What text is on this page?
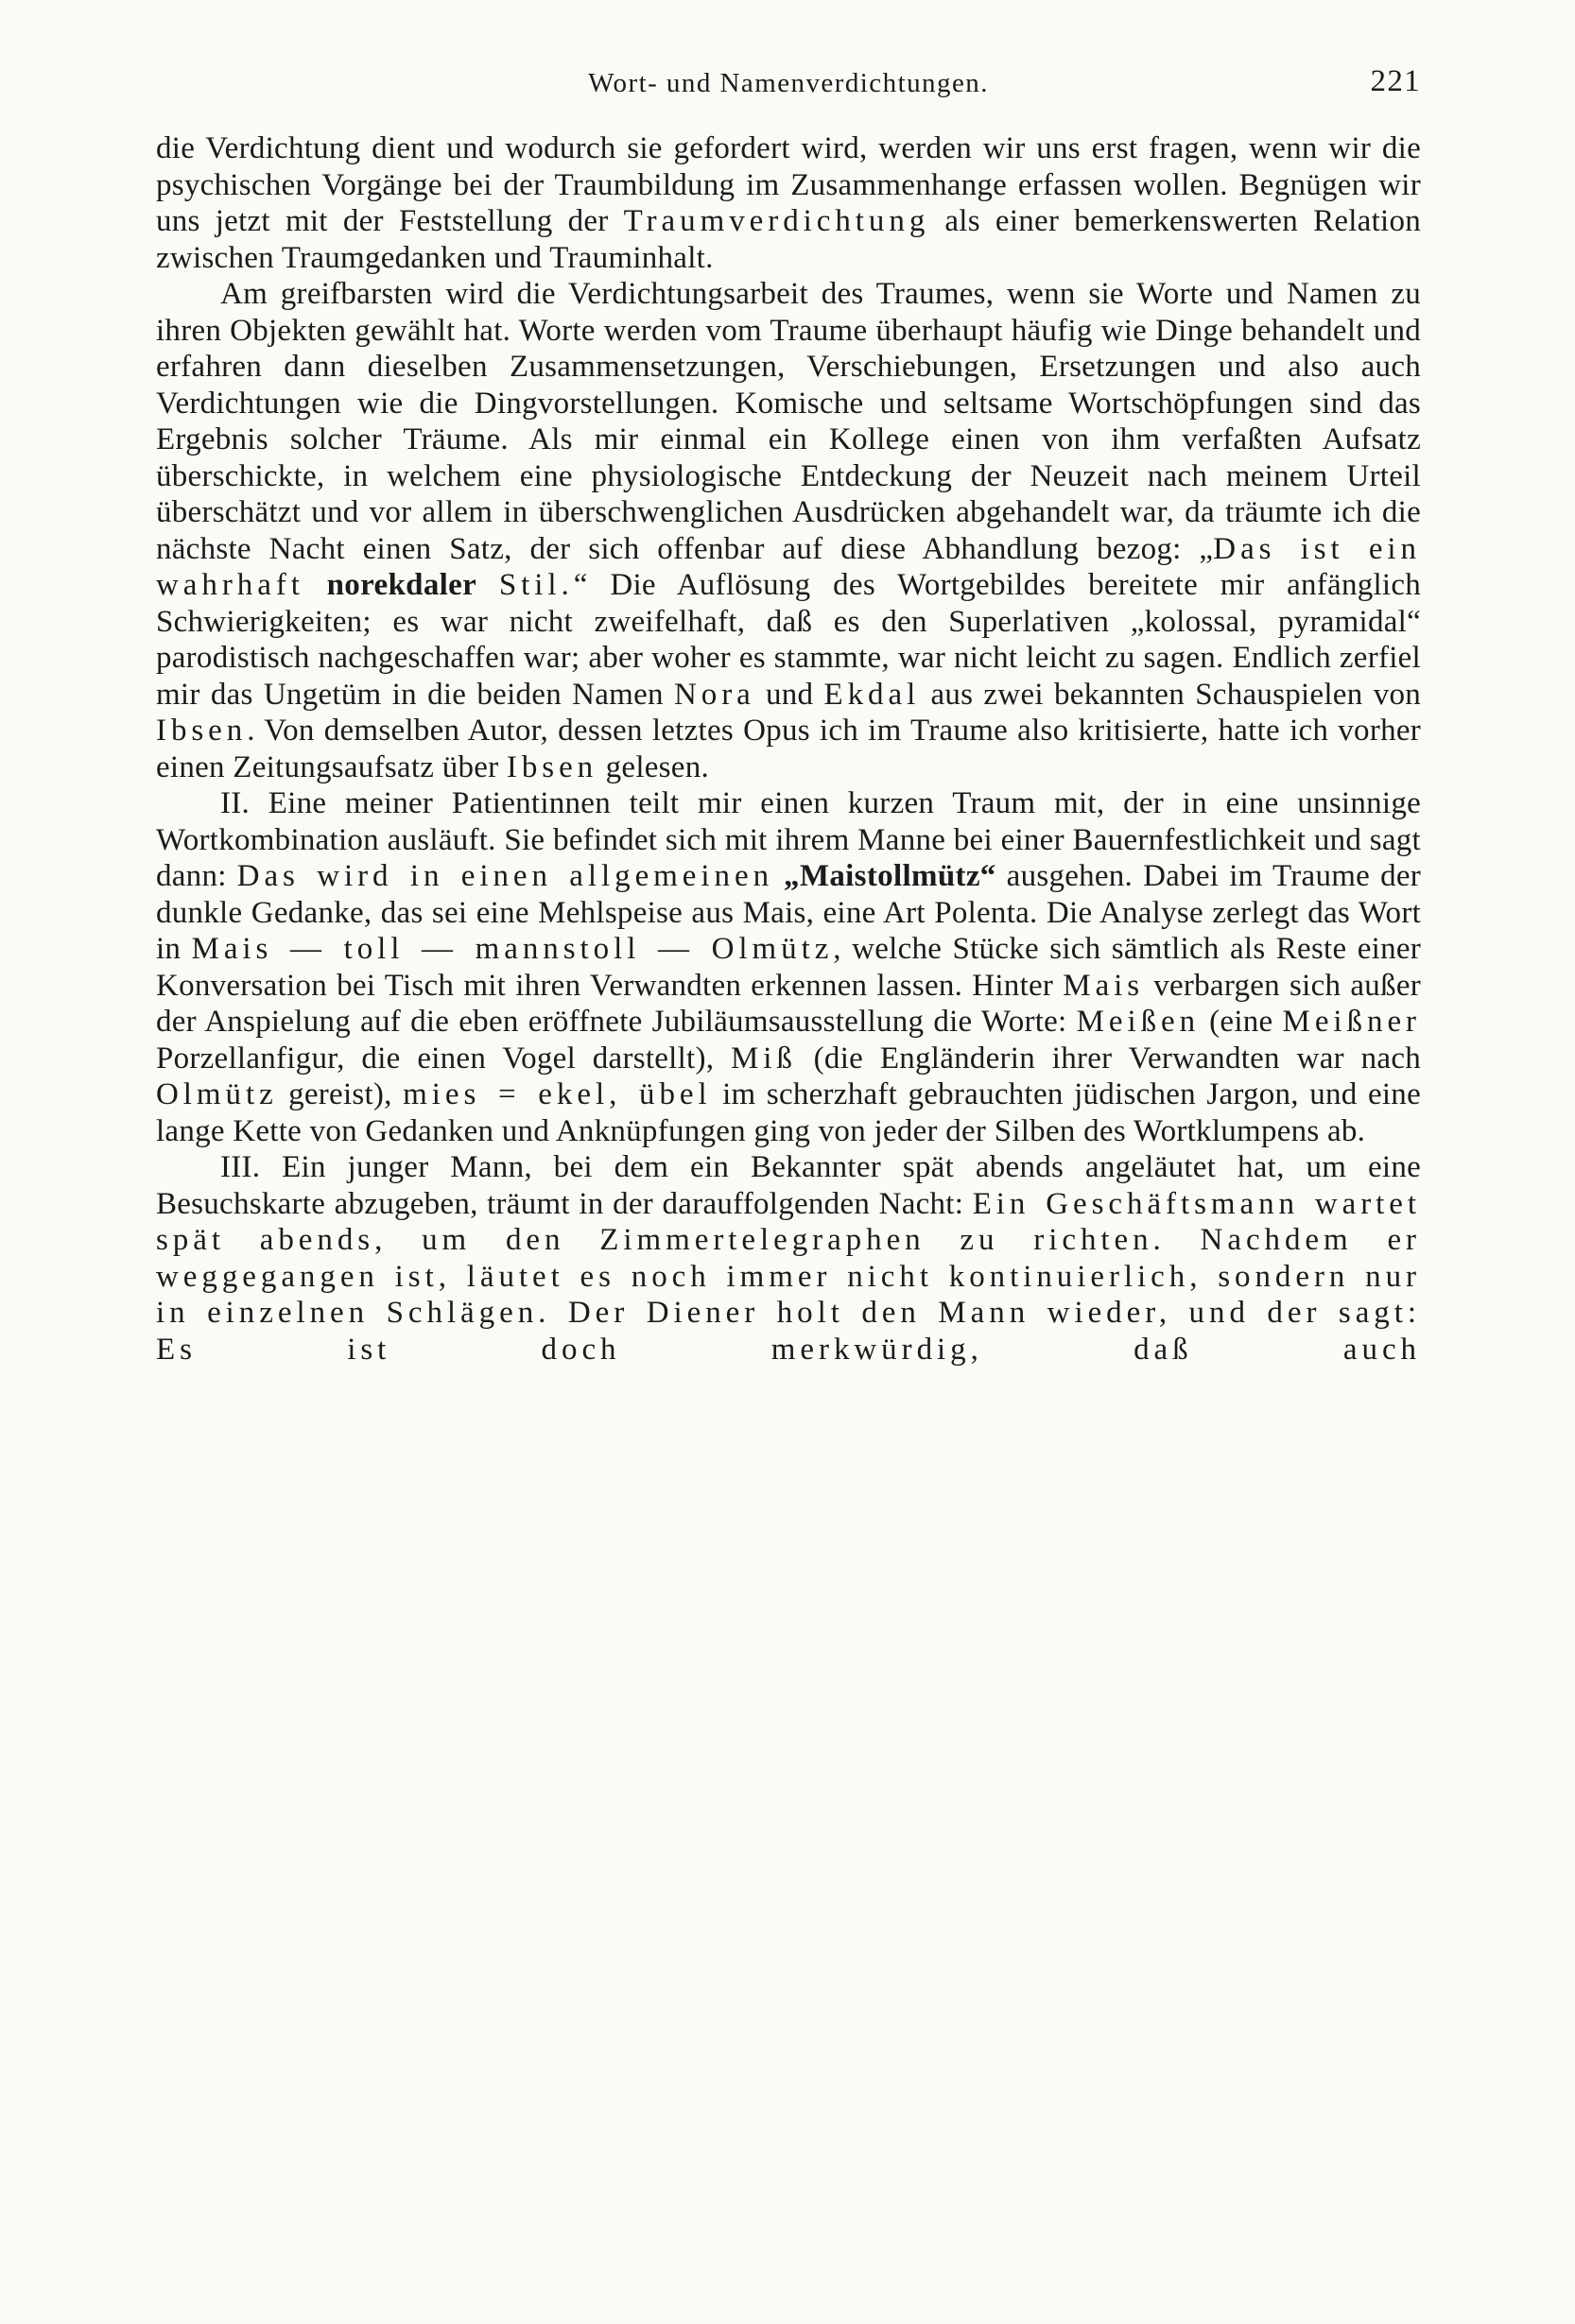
Wort- und Namenverdichtungen.	221

die Verdichtung dient und wodurch sie gefordert wird, werden wir uns erst fragen, wenn wir die psychischen Vorgänge bei der Traumbildung im Zusammenhange erfassen wollen. Begnügen wir uns jetzt mit der Feststellung der Traumverdichtung als einer bemerkenswerten Relation zwischen Traumgedanken und Trauminhalt.

Am greifbarsten wird die Verdichtungsarbeit des Traumes, wenn sie Worte und Namen zu ihren Objekten gewählt hat. Worte werden vom Traume überhaupt häufig wie Dinge behandelt und erfahren dann dieselben Zusammensetzungen, Verschiebungen, Ersetzungen und also auch Verdichtungen wie die Dingvorstellungen. Komische und seltsame Wortschöpfungen sind das Ergebnis solcher Träume. Als mir einmal ein Kollege einen von ihm verfaßten Aufsatz überschickte, in welchem eine physiologische Entdeckung der Neuzeit nach meinem Urteil überschätzt und vor allem in überschwenglichen Ausdrücken abgehandelt war, da träumte ich die nächste Nacht einen Satz, der sich offenbar auf diese Abhandlung bezog: „Das ist ein wahrhaft norekdaler Stil.“ Die Auflösung des Wortgebildes bereitete mir anfänglich Schwierigkeiten; es war nicht zweifelhaft, daß es den Superlativen „kolossal, pyramidal“ parodistisch nachgeschaffen war; aber woher es stammte, war nicht leicht zu sagen. Endlich zerfiel mir das Ungetüm in die beiden Namen Nora und Ekdal aus zwei bekannten Schauspielen von Ibsen. Von demselben Autor, dessen letztes Opus ich im Traume also kritisierte, hatte ich vorher einen Zeitungsaufsatz über Ibsen gelesen.

II. Eine meiner Patientinnen teilt mir einen kurzen Traum mit, der in eine unsinnige Wortkombination ausläuft. Sie befindet sich mit ihrem Manne bei einer Bauernfestlichkeit und sagt dann: Das wird in einen allgemeinen „Maistollmütz“ ausgehen. Dabei im Traume der dunkle Gedanke, das sei eine Mehlspeise aus Mais, eine Art Polenta. Die Analyse zerlegt das Wort in Mais — toll — mannstoll — Olmütz, welche Stücke sich sämtlich als Reste einer Konversation bei Tisch mit ihren Verwandten erkennen lassen. Hinter Mais verbargen sich außer der Anspielung auf die eben eröffnete Jubiläumsausstellung die Worte: Meißen (eine Meißner Porzellanfigur, die einen Vogel darstellt), Miß (die Engländerin ihrer Verwandten war nach Olmütz gereist), mies = ekel, übel im scherzhaft gebrauchten jüdischen Jargon, und eine lange Kette von Gedanken und Anknüpfungen ging von jeder der Silben des Wortklumpens ab.

III. Ein junger Mann, bei dem ein Bekannter spät abends angeläutet hat, um eine Besuchskarte abzugeben, träumt in der darauffolgenden Nacht: Ein Geschäftsmann wartet spät abends, um den Zimmertelegraphen zu richten. Nachdem er weggegangen ist, läutet es noch immer nicht kontinuierlich, sondern nur in einzelnen Schlägen. Der Diener holt den Mann wieder, und der sagt: Es ist doch merkwürdig, daß auch
